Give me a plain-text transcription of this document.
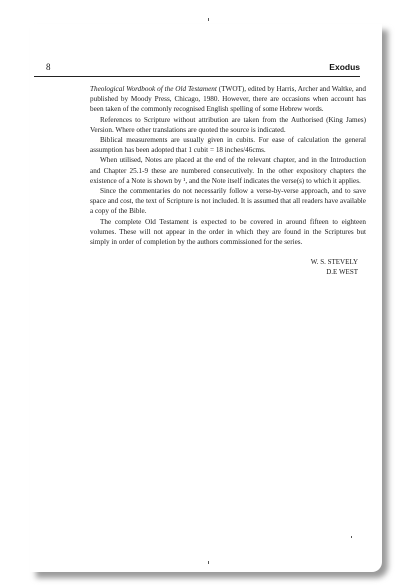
8	Exodus

Theological Wordbook of the Old Testament (TWOT), edited by Harris, Archer and Waltke, and published by Moody Press, Chicago, 1980. However, there are occasions when account has been taken of the commonly recognised English spelling of some Hebrew words.

References to Scripture without attribution are taken from the Authorised (King James) Version. Where other translations are quoted the source is indicated.

Biblical measurements are usually given in cubits. For ease of calculation the general assumption has been adopted that 1 cubit = 18 inches/46cms.

When utilised, Notes are placed at the end of the relevant chapter, and in the Introduction and Chapter 25.1-9 these are numbered consecutively. In the other expository chapters the existence of a Note is shown by ¹, and the Note itself indicates the verse(s) to which it applies.

Since the commentaries do not necessarily follow a verse-by-verse approach, and to save space and cost, the text of Scripture is not included. It is assumed that all readers have available a copy of the Bible.

The complete Old Testament is expected to be covered in around fifteen to eighteen volumes. These will not appear in the order in which they are found in the Scriptures but simply in order of completion by the authors commissioned for the series.

W. S. STEVELY
D.E WEST
